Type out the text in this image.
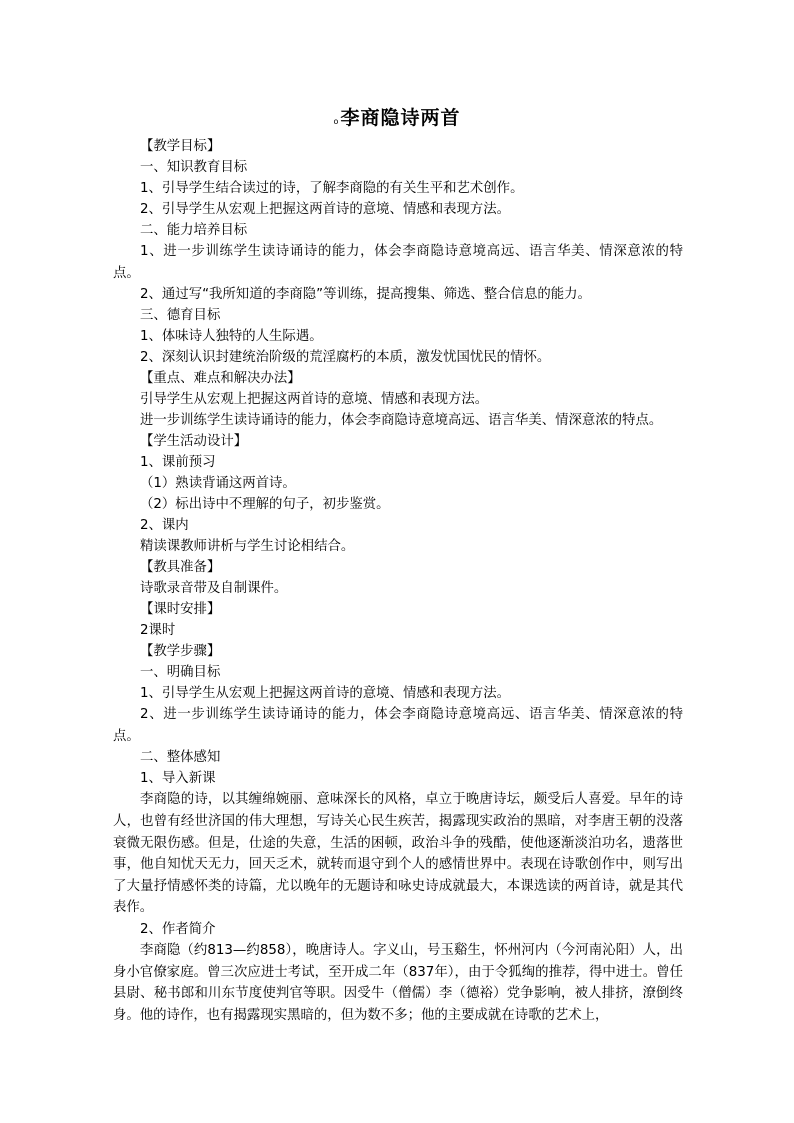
o李商隐诗两首
【教学目标】
一、知识教育目标
1、引导学生结合读过的诗，了解李商隐的有关生平和艺术创作。
2、引导学生从宏观上把握这两首诗的意境、情感和表现方法。
二、能力培养目标
1、进一步训练学生读诗诵诗的能力，体会李商隐诗意境高远、语言华美、情深意浓的特点。
2、通过写“我所知道的李商隐”等训练，提高搜集、筛选、整合信息的能力。
三、德育目标
1、体味诗人独特的人生际遇。
2、深刻认识封建统治阶级的荒淫腐朽的本质，激发忧国忧民的情怀。
【重点、难点和解决办法】
引导学生从宏观上把握这两首诗的意境、情感和表现方法。
进一步训练学生读诗诵诗的能力，体会李商隐诗意境高远、语言华美、情深意浓的特点。
【学生活动设计】
1、课前预习
（1）熟读背诵这两首诗。
（2）标出诗中不理解的句子，初步鉴赏。
2、课内
精读课教师讲析与学生讨论相结合。
【教具准备】
诗歌录音带及自制课件。
【课时安排】
2课时
【教学步骤】
一、明确目标
1、引导学生从宏观上把握这两首诗的意境、情感和表现方法。
2、进一步训练学生读诗诵诗的能力，体会李商隐诗意境高远、语言华美、情深意浓的特点。
二、整体感知
1、导入新课
李商隐的诗，以其缠绵婉丽、意味深长的风格，卓立于晚唐诗坛，颇受后人喜爱。早年的诗人，也曾有经世济国的伟大理想，写诗关心民生疾苦，揭露现实政治的黑暗，对李唐王朝的没落衰微无限伤感。但是，仕途的失意，生活的困顿，政治斗争的残酷，使他逐渐淡泊功名，遗落世事，他自知忧天无力，回天乏术，就转而退守到个人的感情世界中。表现在诗歌创作中，则写出了大量抒情感怀类的诗篇，尤以晚年的无题诗和咏史诗成就最大，本课选读的两首诗，就是其代表作。
2、作者简介
李商隐（约813—约858），晚唐诗人。字义山，号玉谿生，怀州河内（今河南沁阳）人，出身小官僚家庭。曾三次应进士考试，至开成二年（837年），由于令狐绹的推荐，得中进士。曾任县尉、秘书郎和川东节度使判官等职。因受牛（僧儒）李（德裕）党争影响，被人排挤，潦倒终身。他的诗作，也有揭露现实黑暗的，但为数不多；他的主要成就在诗歌的艺术上，
